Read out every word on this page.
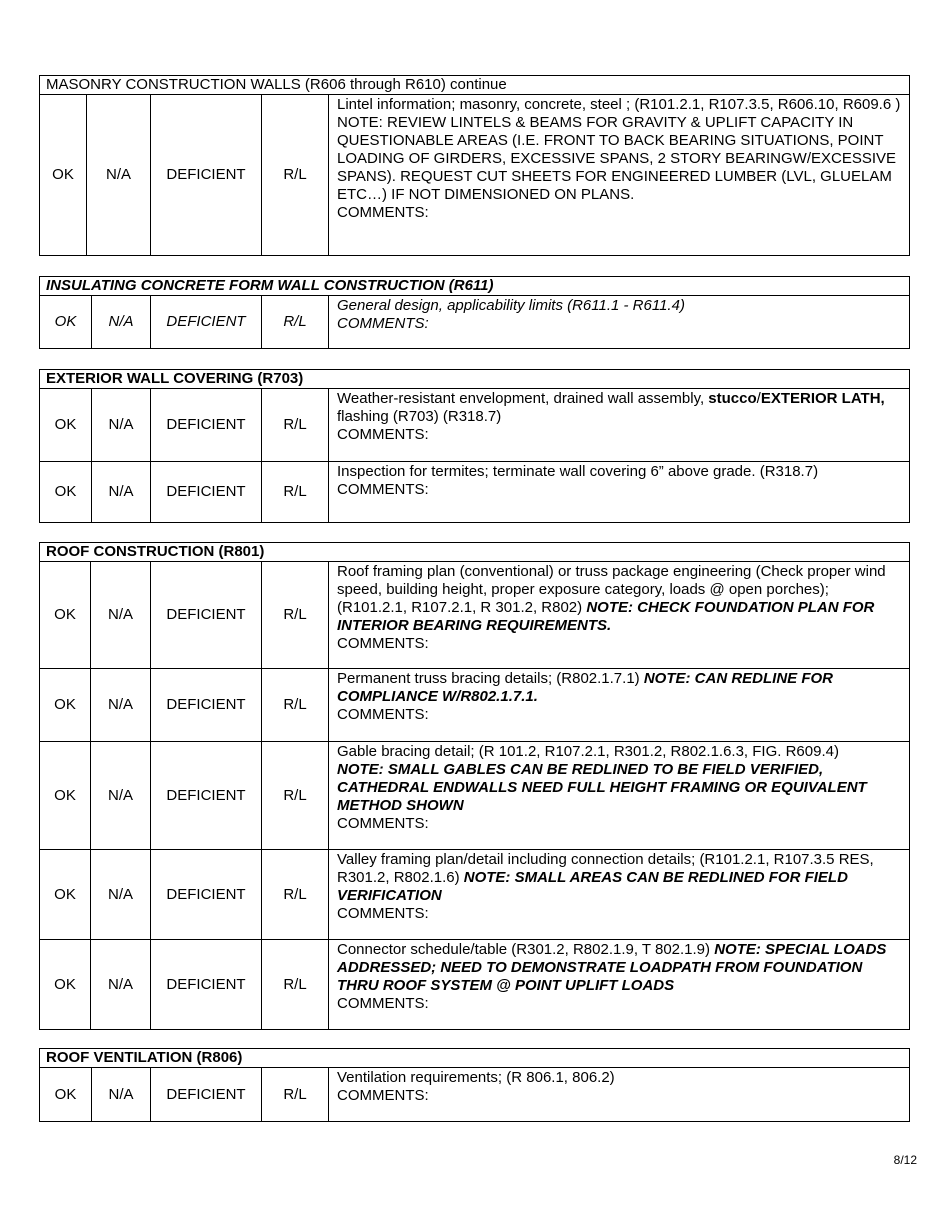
MASONRY CONSTRUCTION WALLS (R606 through R610) continue
OK	N/A	DEFICIENT	R/L	Lintel information; masonry, concrete, steel ; (R101.2.1, R107.3.5, R606.10, R609.6 ) NOTE: REVIEW LINTELS & BEAMS FOR GRAVITY & UPLIFT CAPACITY IN QUESTIONABLE AREAS (I.E. FRONT TO BACK BEARING SITUATIONS, POINT LOADING OF GIRDERS, EXCESSIVE SPANS, 2 STORY BEARINGW/EXCESSIVE SPANS). REQUEST CUT SHEETS FOR ENGINEERED LUMBER (LVL, GLUELAM ETC…) IF NOT DIMENSIONED ON PLANS.
COMMENTS:
INSULATING CONCRETE FORM WALL CONSTRUCTION (R611)
OK	N/A	DEFICIENT	R/L	General design, applicability limits (R611.1 - R611.4)
COMMENTS:
EXTERIOR WALL COVERING (R703)				
OK	N/A	DEFICIENT	R/L	Weather-resistant envelopment, drained wall assembly, stucco/EXTERIOR LATH, flashing (R703) (R318.7)
COMMENTS:
OK	N/A	DEFICIENT	R/L	Inspection for termites; terminate wall covering 6” above grade. (R318.7)
COMMENTS:
ROOF CONSTRUCTION (R801)				
OK	N/A	DEFICIENT	R/L	Roof framing plan (conventional) or truss package engineering (Check proper wind speed, building height, proper exposure category, loads @ open porches); (R101.2.1, R107.2.1, R 301.2, R802) NOTE: CHECK FOUNDATION PLAN FOR INTERIOR BEARING REQUIREMENTS.
COMMENTS:
OK	N/A	DEFICIENT	R/L	Permanent truss bracing details; (R802.1.7.1) NOTE: CAN REDLINE FOR COMPLIANCE W/R802.1.7.1.
COMMENTS:
OK	N/A	DEFICIENT	R/L	Gable bracing detail; (R 101.2, R107.2.1, R301.2, R802.1.6.3, FIG. R609.4)
NOTE: SMALL GABLES CAN BE REDLINED TO BE FIELD VERIFIED, CATHEDRAL ENDWALLS NEED FULL HEIGHT FRAMING OR EQUIVALENT METHOD SHOWN
COMMENTS:
OK	N/A	DEFICIENT	R/L	Valley framing plan/detail including connection details; (R101.2.1, R107.3.5 RES, R301.2, R802.1.6) NOTE: SMALL AREAS CAN BE REDLINED FOR FIELD VERIFICATION
COMMENTS:
OK	N/A	DEFICIENT	R/L	Connector schedule/table (R301.2, R802.1.9, T 802.1.9) NOTE: SPECIAL LOADS ADDRESSED; NEED TO DEMONSTRATE LOADPATH FROM FOUNDATION THRU ROOF SYSTEM @ POINT UPLIFT LOADS
COMMENTS:
ROOF VENTILATION (R806)
OK	N/A	DEFICIENT	R/L	Ventilation requirements; (R 806.1, 806.2)
COMMENTS:
8/12
